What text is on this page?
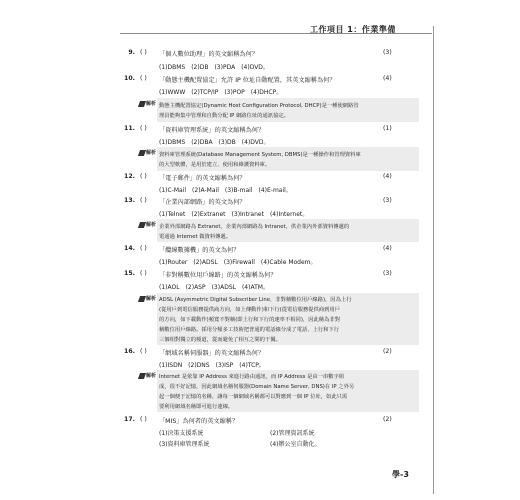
工作項目 1：作業準備
9. ( ) 「個人數位助理」的英文縮稱為何？	(3)
(1)DBMS　(2)DB　(3)PDA　(4)DVD。
10. ( ) 「動態主機配置協定」允許 IP 位址自動配置，其英文縮稱為何？	(4)
(1)WWW　(2)TCP/IP　(3)POP　(4)DHCP。
解析 動態主機配置協定(Dynamic Host Configuration Protocol, DHCP)是一種使網路管
理員能夠集中管理和自動分配 IP 網路位址的通訊協定。
11. ( ) 「資料庫管理系統」的英文縮稱為何？	(1)
(1)DBMS　(2)DBA　(3)DB　(4)DVD。
解析 資料庫管理系統(Database Management System, DBMS)是一種操作和管理資料庫
的大型軟體，是用於建立、使用和維護資料庫。
12. ( ) 「電子郵件」的英文縮稱為何？	(4)
(1)C-Mail　(2)A-Mail　(3)B-mail　(4)E-mail。
13. ( ) 「企業內部網路」的英文為何？	(3)
(1)Telnet　(2)Extranet　(3)Intranet　(4)Internet。
解析 企業外部網路為 Extranet，企業內部網路為 Intranet，供企業內外部資料傳遞的
電通過 Internet 做資料傳遞。
14. ( ) 「纜線數據機」的英文為何？	(4)
(1)Router　(2)ADSL　(3)Firewall　(4)Cable Modem。
15. ( ) 「非對稱數位用戶線路」的英文縮稱為何？	(3)
(1)AOL　(2)ASP　(3)ADSL　(4)ATM。
解析 ADSL (Asymmetric Digital Subscriber Line，非對稱數位用戶線路)，因為上行
(從用戶到電信服務提供商方向，如上傳動作)和下行(從電信服務提供商到用戶
的方向，如下載動作)頻寬不對稱(即上行和下行的速率不相同)，因此稱為非對
稱數位用戶線路。採用分頻多工技術把普通的電話線分成了電話、上行和下行
三個相對獨立的頻道，從而避免了相互之間的干擾。
16. ( ) 「網域名稱伺服器」的英文縮稱為何？	(2)
(1)ISDN　(2)DNS　(3)ISP　(4)TCP。
解析 Internet 是依靠 IP Address 來進行路由通訊，而 IP Address 是由一串數字組
成，很不好記憶，因此網域名稱伺服器(Domain Name Server, DNS)在 IP 之外另
起一個便于記憶的名稱，讓每一個網域名稱都可以對應到一個 IP 位址，如此只需
要利用網域名稱即可進行連線。
17. ( ) 「MIS」為何者的英文縮稱？	(2)
(1)決策支援系統	(2)管理資訊系統
(3)資料庫管理系統	(4)辦公室自動化。
學-3
